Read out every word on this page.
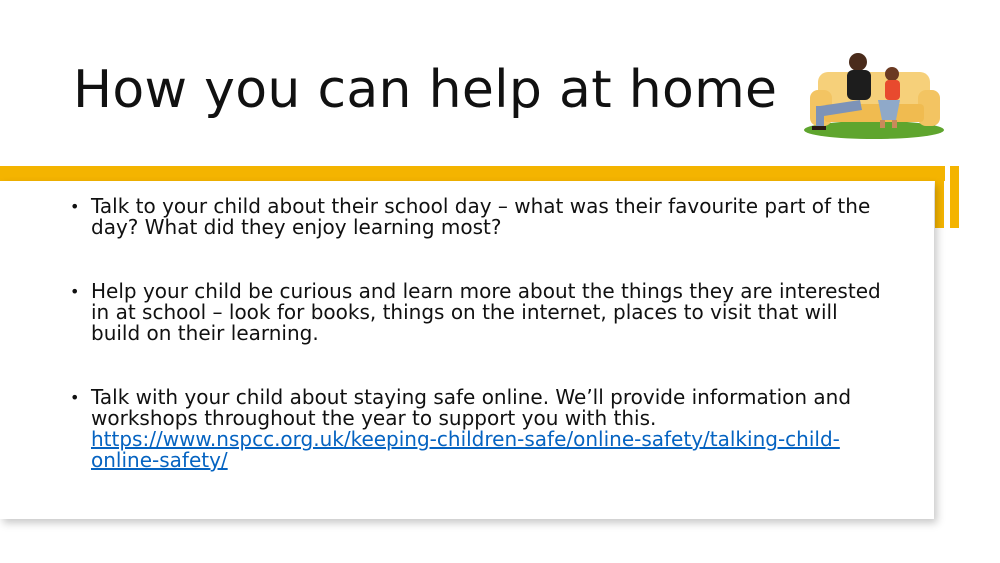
How you can help at home
• Talk to your child about their school day – what was their favourite part of the day? What did they enjoy learning most?
• Help your child be curious and learn more about the things they are interested in at school – look for books, things on the internet, places to visit that will build on their learning.
• Talk with your child about staying safe online. We’ll provide information and workshops throughout the year to support you with this. https://www.nspcc.org.uk/keeping-children-safe/online-safety/talking-child-online-safety/
